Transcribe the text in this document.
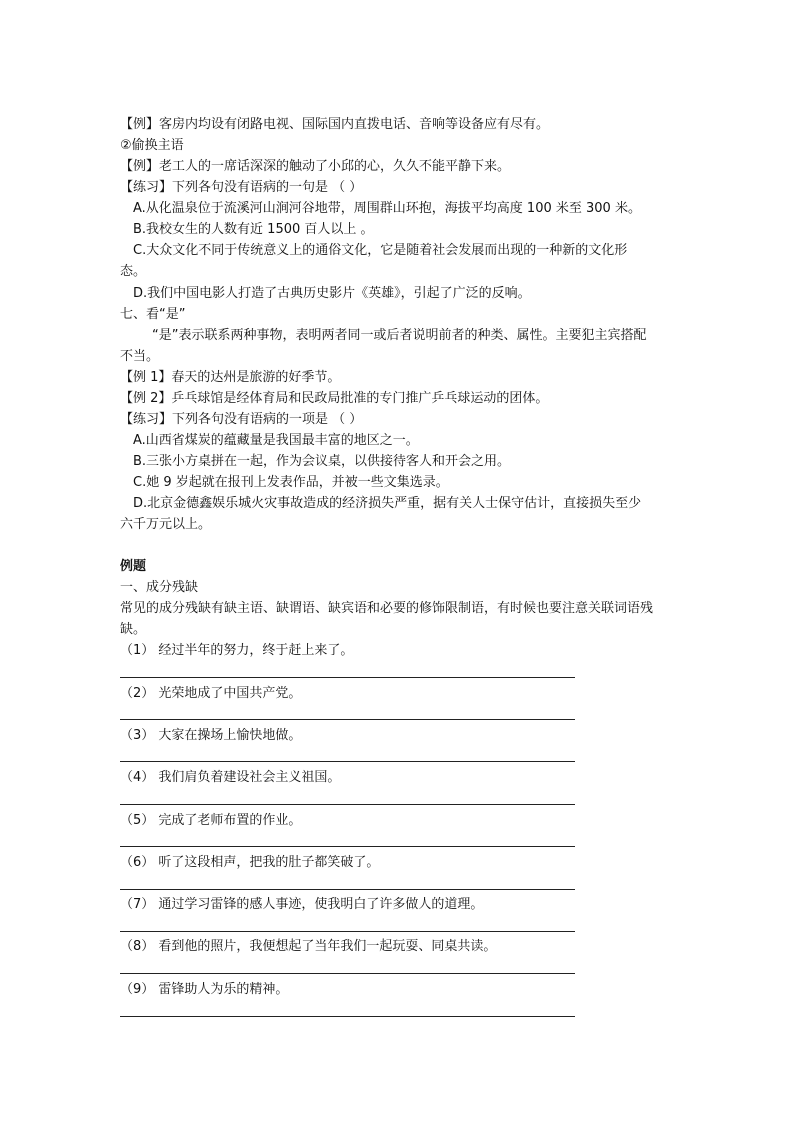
【例】客房内均设有闭路电视、国际国内直拨电话、音响等设备应有尽有。
②偷换主语
【例】老工人的一席话深深的触动了小邱的心，久久不能平静下来。
【练习】下列各句没有语病的一句是 （ ）
A.从化温泉位于流溪河山涧河谷地带，周围群山环抱，海拔平均高度 100 米至 300 米。
B.我校女生的人数有近 1500 百人以上 。
C.大众文化不同于传统意义上的通俗文化，它是随着社会发展而出现的一种新的文化形
态。
D.我们中国电影人打造了古典历史影片《英雄》，引起了广泛的反响。
七、看“是”
“是”表示联系两种事物，表明两者同一或后者说明前者的种类、属性。主要犯主宾搭配
不当。
【例 1】春天的达州是旅游的好季节。
【例 2】乒乓球馆是经体育局和民政局批准的专门推广乒乓球运动的团体。
【练习】下列各句没有语病的一项是 （ ）
A.山西省煤炭的蕴藏量是我国最丰富的地区之一。
B.三张小方桌拼在一起，作为会议桌，以供接待客人和开会之用。
C.她 9 岁起就在报刊上发表作品，并被一些文集选录。
D.北京金德鑫娱乐城火灾事故造成的经济损失严重，据有关人士保守估计，直接损失至少
六千万元以上。
例题
一、成分残缺
常见的成分残缺有缺主语、缺谓语、缺宾语和必要的修饰限制语，有时候也要注意关联词语残
缺。
（1） 经过半年的努力，终于赶上来了。
（2） 光荣地成了中国共产党。
（3） 大家在操场上愉快地做。
（4） 我们肩负着建设社会主义祖国。
（5） 完成了老师布置的作业。
（6） 听了这段相声，把我的肚子都笑破了。
（7） 通过学习雷锋的感人事迹，使我明白了许多做人的道理。
（8） 看到他的照片，我便想起了当年我们一起玩耍、同桌共读。
（9） 雷锋助人为乐的精神。
